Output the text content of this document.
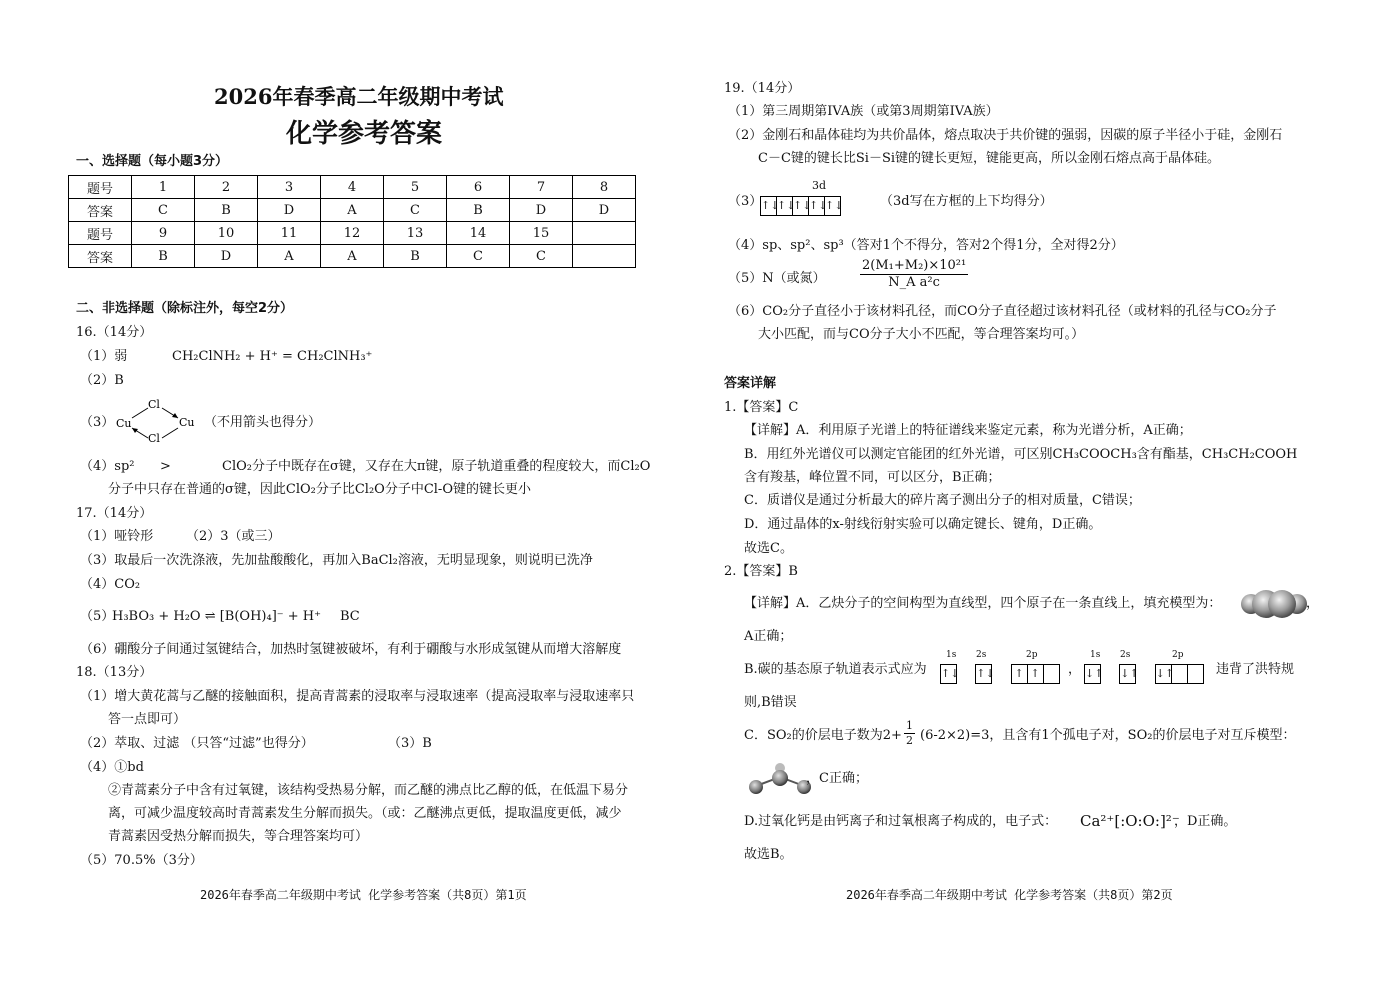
2026年春季高二年级期中考试
化学参考答案
一、选择题（每小题3分）
题号	1	2	3	4	5	6	7	8
答案	C	B	D	A	C	B	D	D
题号	9	10	11	12	13	14	15	
答案	B	D	A	A	B	C	C	
二、非选择题（除标注外，每空2分）
16.（14分）
（1）弱	CH₂ClNH₂ + H⁺ = CH₂ClNH₃⁺
（2）B
（3） Cu	Cu
Cl
Cl
（不用箭头也得分）
（4）sp² >	ClO₂分子中既存在σ键，又存在大π键，原子轨道重叠的程度较大，而Cl₂O
分子中只存在普通的σ键，因此ClO₂分子比Cl₂O分子中Cl-O键的键长更小
17.（14分）
（1）哑铃形	（2）3（或三）
（3）取最后一次洗涤液，先加盐酸酸化，再加入BaCl₂溶液，无明显现象，则说明已洗净
（4）CO₂
（5）
H₃BO₃ + H₂O ⇌ [B(OH)₄]⁻ + H⁺ BC
（6）硼酸分子间通过氢键结合，加热时氢键被破坏，有利于硼酸与水形成氢键从而增大溶解度
18.（13分）
（1）增大黄花蒿与乙醚的接触面积，提高青蒿素的浸取率与浸取速率（提高浸取率与浸取速率只
答一点即可）
（2）萃取、过滤 （只答“过滤”也得分）	（3）B
（4）①bd
②青蒿素分子中含有过氧键，该结构受热易分解，而乙醚的沸点比乙醇的低，在低温下易分
离，可减少温度较高时青蒿素发生分解而损失。（或：乙醚沸点更低，提取温度更低，减少
青蒿素因受热分解而损失，等合理答案均可）
（5）70.5%（3分）
2026年春季高二年级期中考试 化学参考答案（共8页）第1页
19.（14分）
（1）第三周期第IVA族（或第3周期第IVA族）
（2）金刚石和晶体硅均为共价晶体，熔点取决于共价键的强弱，因碳的原子半径小于硅，金刚石
C－C键的键长比Si－Si键的键长更短，键能更高，所以金刚石熔点高于晶体硅。
（3）
3d
↑↓↑↓↑↓↑↓↑↓	（3d写在方框的上下均得分）
（4）sp、sp²、sp³（答对1个不得分，答对2个得1分，全对得2分）
（5）N（或氮）	$\frac{\text{2(M₁+M₂)×10²¹}}{\text{N\_A a²c}}$
（6）CO₂分子直径小于该材料孔径，而CO分子直径超过该材料孔径（或材料的孔径与CO₂分子
大小匹配，而与CO分子大小不匹配，等合理答案均可。）
答案详解
1.【答案】C
【详解】A．利用原子光谱上的特征谱线来鉴定元素，称为光谱分析，A正确；
B．用红外光谱仪可以测定官能团的红外光谱，可区别CH₃COOCH₃含有酯基，CH₃CH₂COOH
含有羧基，峰位置不同，可以区分，B正确；
C．质谱仪是通过分析最大的碎片离子测出分子的相对质量，C错误；
D．通过晶体的x-射线衍射实验可以确定键长、键角，D正确。
故选C。
2.【答案】B
【详解】A．乙炔分子的空间构型为直线型，四个原子在一条直线上，填充模型为：	，
A正确；
B.碳的基态原子轨道表示式应为
1s 2s	2p
↑↓ ↑↓ ↑ ↑	，
1s 2s	2p
↓↑ ↓↑ ↓↑	违背了洪特规
则,B错误
C．SO₂的价层电子数为$2+ \frac{1}{2} (6-2\times 2)=3$，且含有1个孤电子对，SO₂的价层电子对互斥模型：
，C正确；
D.过氧化钙是由钙离子和过氧根离子构成的，电子式： Ca²⁺[:O:O:]²⁻
，D正确。
故选B。
2026年春季高二年级期中考试 化学参考答案（共8页）第2页
